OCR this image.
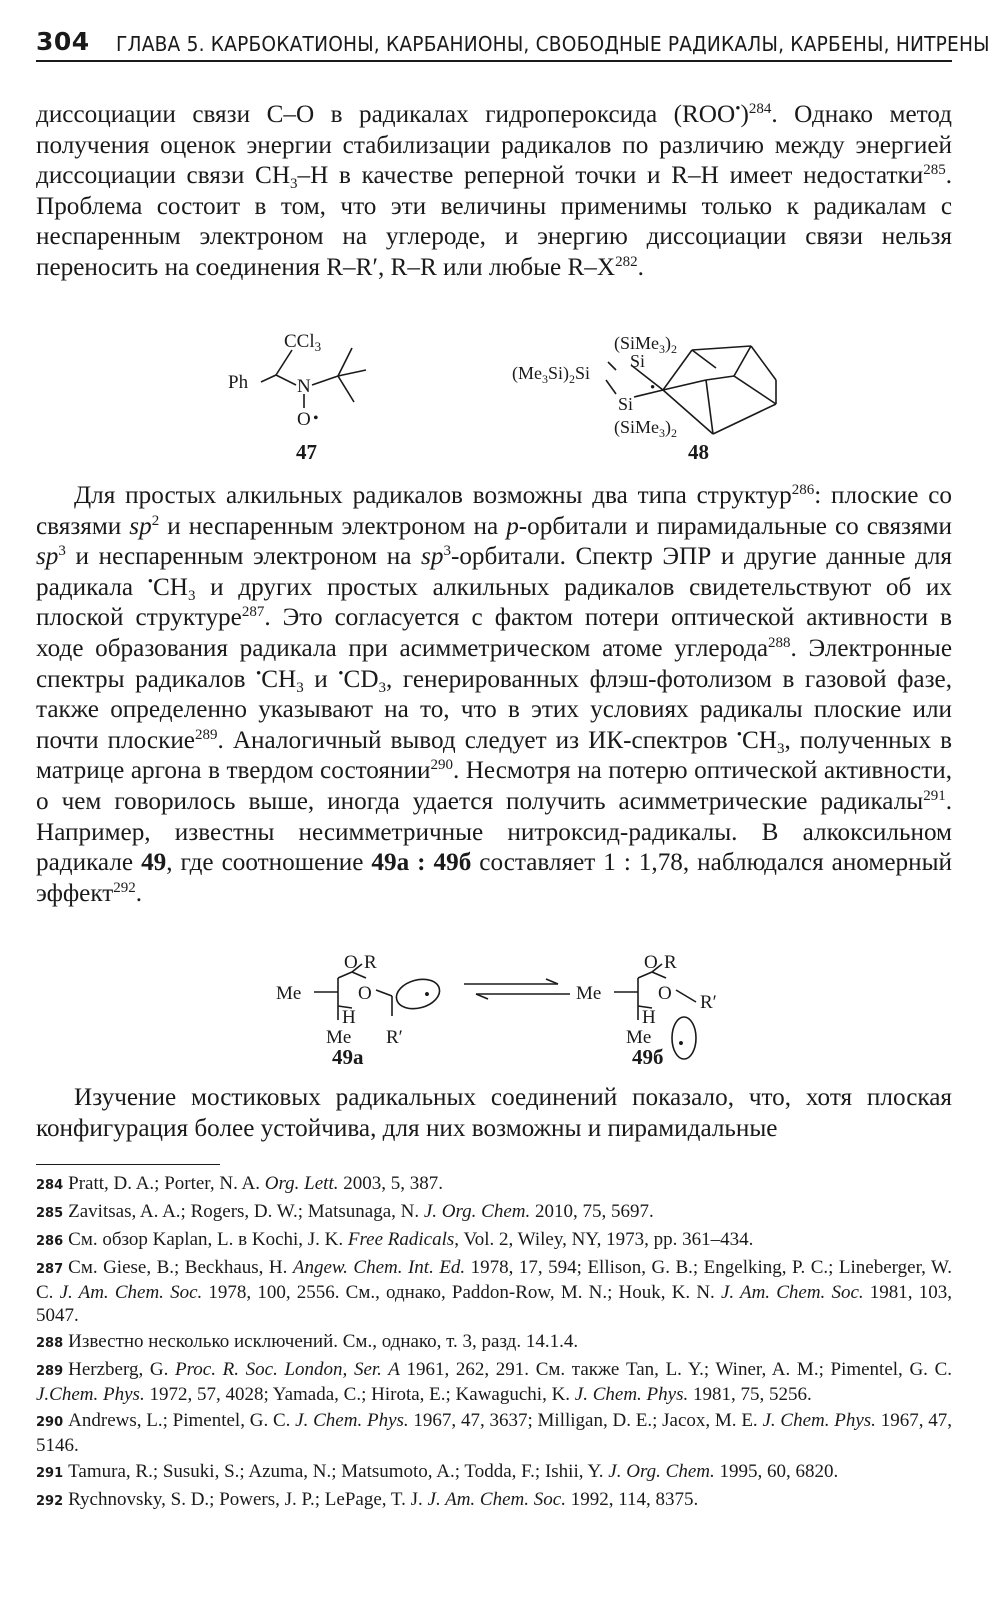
304 ГЛАВА 5. КАРБОКАТИОНЫ, КАРБАНИОНЫ, СВОБОДНЫЕ РАДИКАЛЫ, КАРБЕНЫ, НИТРЕНЫ

диссоциации связи C–O в радикалах гидропероксида $(ROO^•)^{284}$. Однако метод получения оценок энергии стабилизации радикалов по различию между энергией диссоциации связи $CH_3-H$ в качестве реперной точки и R–H имеет недостатки$^{285}$. Проблема состоит в том, что эти величины применимы только к радикалам с неспаренным электроном на углероде, и энергию диссоциации связи нельзя переносить на соединения R–R′, R–R или любые $R-X^{282}$.

CCl$_3$
Ph	N
O •
47
$(SiMe_3)_2$
Si
$(Me_3Si)_2Si$
•
Si
$(SiMe_3)_2$
48

Для простых алкильных радикалов возможны два типа структур$^{286}$: плоские со связями $sp^2$ и неспаренным электроном на p-орбитали и пирамидальные со связями $sp^3$ и неспаренным электроном на $sp^3$-орбитали. Спектр ЭПР и другие данные для радикала $^•CH_3$ и других простых алкильных радикалов свидетельствуют об их плоской структуре$^{287}$. Это согласуется с фактом потери оптической активности в ходе образования радикала при асимметрическом атоме углерода$^{288}$. Электронные спектры радикалов $^•CH_3$ и $^•CD_3$, генерированных флэш-фотолизом в газовой фазе, также определенно указывают на то, что в этих условиях радикалы плоские или почти плоские$^{289}$. Аналогичный вывод следует из ИК-спектров $^•CH_3$, полученных в матрице аргона в твердом состоянии$^{290}$. Несмотря на потерю оптической активности, о чем говорилось выше, иногда удается получить асимметрические радикалы$^{291}$. Например, известны несимметричные нитроксид-радикалы. В алкоксильном радикале 49, где соотношение 49а : 49б составляет 1 : 1,78, наблюдался аномерный эффект$^{292}$.

O R
Me	O
H
Me R′
•
49а
O R
Me	O
H
Me
R′
•
49б

Изучение мостиковых радикальных соединений показало, что, хотя плоская конфигурация более устойчива, для них возможны и пирамидальные

284 Pratt, D. A.; Porter, N. A. Org. Lett. 2003, 5, 387.

285 Zavitsas, A. A.; Rogers, D. W.; Matsunaga, N. J. Org. Chem. 2010, 75, 5697.

286 См. обзор Kaplan, L. в Kochi, J. K. Free Radicals, Vol. 2, Wiley, NY, 1973, pp. 361–434.

287 См. Giese, B.; Beckhaus, H. Angew. Chem. Int. Ed. 1978, 17, 594; Ellison, G. B.; Engelking, P. C.; Lineberger, W. C. J. Am. Chem. Soc. 1978, 100, 2556. См., однако, Paddon-Row, M. N.; Houk, K. N. J. Am. Chem. Soc. 1981, 103, 5047.

288 Известно несколько исключений. См., однако, т. 3, разд. 14.1.4.

289 Herzberg, G. Proc. R. Soc. London, Ser. A 1961, 262, 291. См. также Tan, L. Y.; Winer, A. M.; Pimentel, G. C. J.Chem. Phys. 1972, 57, 4028; Yamada, C.; Hirota, E.; Kawaguchi, K. J. Chem. Phys. 1981, 75, 5256.

290 Andrews, L.; Pimentel, G. C. J. Chem. Phys. 1967, 47, 3637; Milligan, D. E.; Jacox, M. E. J. Chem. Phys. 1967, 47, 5146.

291 Tamura, R.; Susuki, S.; Azuma, N.; Matsumoto, A.; Todda, F.; Ishii, Y. J. Org. Chem. 1995, 60, 6820.

292 Rychnovsky, S. D.; Powers, J. P.; LePage, T. J. J. Am. Chem. Soc. 1992, 114, 8375.
